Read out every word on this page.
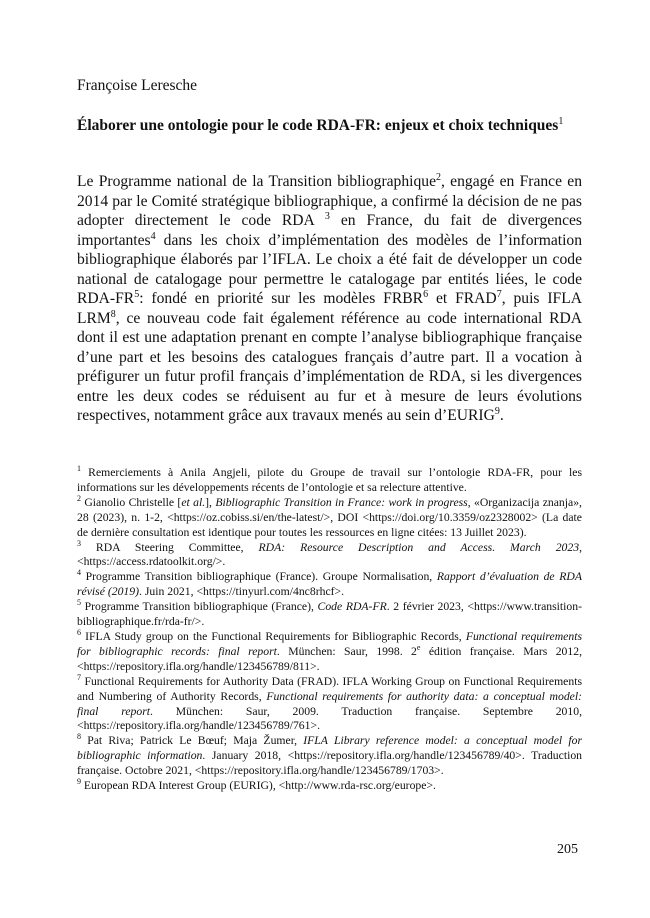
Françoise Leresche
Élaborer une ontologie pour le code RDA-FR: enjeux et choix techniques$^1$

Le Programme national de la Transition bibliographique$^2$, engagé en France en 2014 par le Comité stratégique bibliographique, a confirmé la décision de ne pas adopter directement le code RDA $^3$ en France, du fait de divergences importantes$^4$ dans les choix d’implémentation des modèles de l’information bibliographique élaborés par l’IFLA. Le choix a été fait de développer un code national de catalogage pour permettre le catalogage par entités liées, le code RDA-$FR^5$: fondé en priorité sur les modèles FRBR$^6$ et FRAD$^7$, puis IFLA LRM$^8$, ce nouveau code fait également référence au code international RDA dont il est une adaptation prenant en compte l’analyse bibliographique française d’une part et les besoins des catalogues français d’autre part. Il a vocation à préfigurer un futur profil français d’implémentation de RDA, si les divergences entre les deux codes se réduisent au fur et à mesure de leurs évolutions respectives, notamment grâce aux travaux menés au sein d’EURIG$^9$.

$^1$ Remerciements à Anila Angjeli, pilote du Groupe de travail sur l’ontologie RDA-FR, pour les informations sur les développements récents de l’ontologie et sa relecture attentive.

$^2$ Gianolio Christelle [et al.], Bibliographic Transition in France: work in progress, «Organizacija znanja», 28 (2023), n. 1-2, <https://oz.cobiss.si/en/the-latest/>, DOI <https://doi.org/10.3359/oz2328002> (La date de dernière consultation est identique pour toutes les ressources en ligne citées: 13 Juillet 2023).

$^3$ RDA Steering Committee, RDA: Resource Description and Access. March 2023, <https://access.rdatoolkit.org/>.

$^4$ Programme Transition bibliographique (France). Groupe Normalisation, Rapport d’évaluation de RDA révisé (2019). Juin 2021, <https://tinyurl.com/4nc8rhcf>.

$^5$ Programme Transition bibliographique (France), Code RDA-FR. 2 février 2023, <https://www.transition-bibliographique.fr/rda-fr/>.

$^6$ IFLA Study group on the Functional Requirements for Bibliographic Records, Functional requirements for bibliographic records: final report. München: Saur, 1998. 2e édition française. Mars 2012, <https://repository.ifla.org/handle/123456789/811>.

$^7$ Functional Requirements for Authority Data (FRAD). IFLA Working Group on Functional Requirements and Numbering of Authority Records, Functional requirements for authority data: a conceptual model: final report. München: Saur, 2009. Traduction française. Septembre 2010, <https://repository.ifla.org/handle/123456789/761>.

$^8$ Pat Riva; Patrick Le Bœuf; Maja Žumer, IFLA Library reference model: a conceptual model for bibliographic information. January 2018, <https://repository.ifla.org/handle/123456789/40>. Traduction française. Octobre 2021, <https://repository.ifla.org/handle/123456789/1703>.

$^9$ European RDA Interest Group (EURIG), <http://www.rda-rsc.org/europe>.

205
